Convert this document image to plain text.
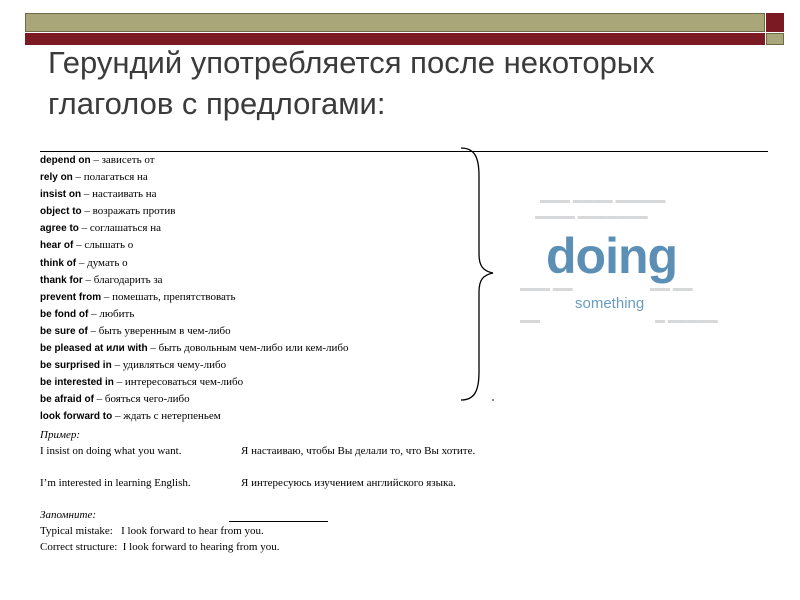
Герундий употребляется после некоторых глаголов с предлогами:
depend on – зависеть от
rely on – полагаться на
insist on – настаивать на
object to – возражать против
agree to – соглашаться на
hear of – слышать о
think of – думать о
thank for – благодарить за
prevent from – помешать, препятствовать
be fond of – любить
be sure of – быть уверенным в чем-либо
be pleased at или with – быть довольным чем-либо или кем-либо
be surprised in – удивляться чему-либо
be interested in – интересоваться чем-либо
be afraid of – бояться чего-либо
look forward to – ждать с нетерпеньем
▬▬▬ ▬▬▬▬ ▬▬▬▬▬
▬▬▬▬ ▬▬▬▬▬▬▬
▬▬▬ ▬▬	▬▬ ▬▬
▬▬	▬ ▬▬▬▬▬
doing
something
Пример:
I insist on doing what you want.	Я настаиваю, чтобы Вы делали то, что Вы хотите.
I’m interested in learning English.	Я интересуюсь изучением английского языка.
Запомните:
Typical mistake:   I look forward to hear from you.
Correct structure:  I look forward to hearing from you.
